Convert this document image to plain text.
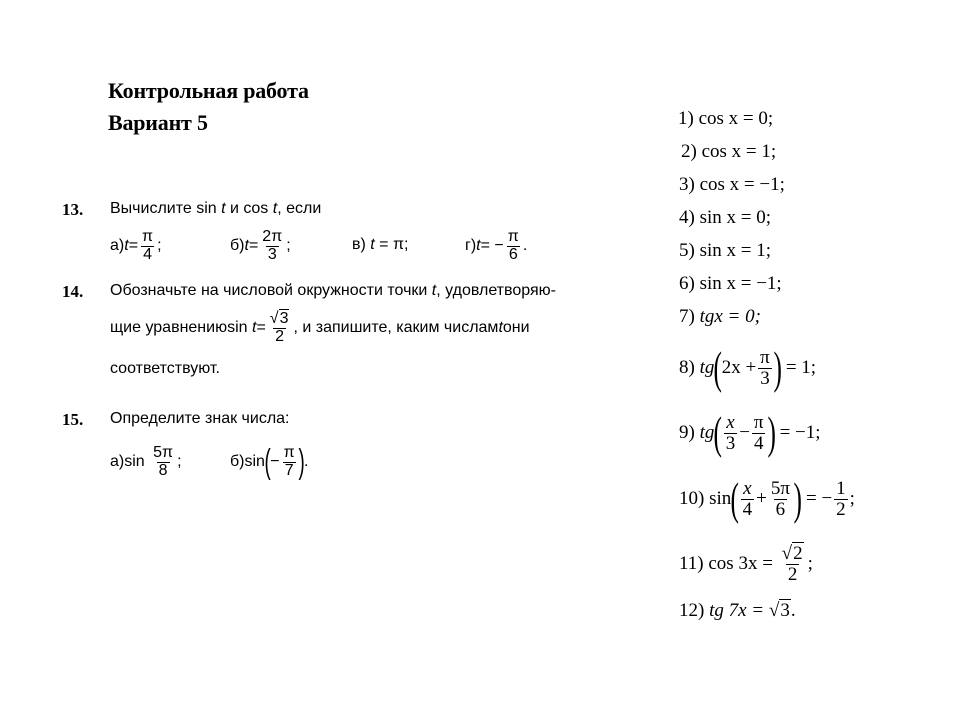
Контрольная работа
Вариант 5
13. Вычислите sin t и cos t, если
а) $t = \frac{\pi}{4}$ ;	б) $t = \frac{2\pi}{3}$ ;	в) t = π;	г) t = − $\frac{\pi}{6}$ .
14. Обозначьте на числовой окружности точки t, удовлетворяю-
щие уравнению sin
$t = \frac{√3}{2}$ , и запишите, каким числам t они
соответствуют.
15. Определите знак числа:
а) sin
$\frac{5\pi}{8}$ ;	б) sin ( − $\frac{\pi}{7}$ ) .
1) cos x = 0;
2) cos x = 1;
3) cos x = −1;
4) sin x = 0;
5) sin x = 1;
6) sin x = −1;
7) tgx = 0;
8)
tg ( $2x + \frac{\pi}{3}$ )
= 1;
9)
tg ( $\frac{x}{3} - \frac{\pi}{4}$ )
= −1;
10)
sin ( $\frac{x}{4} + \frac{5\pi}{6}$ )
= − $\frac{1}{2}$ ;
11)
cos 3x =
$\frac{√2}{2}$ ;
12) tg 7x = √3.
